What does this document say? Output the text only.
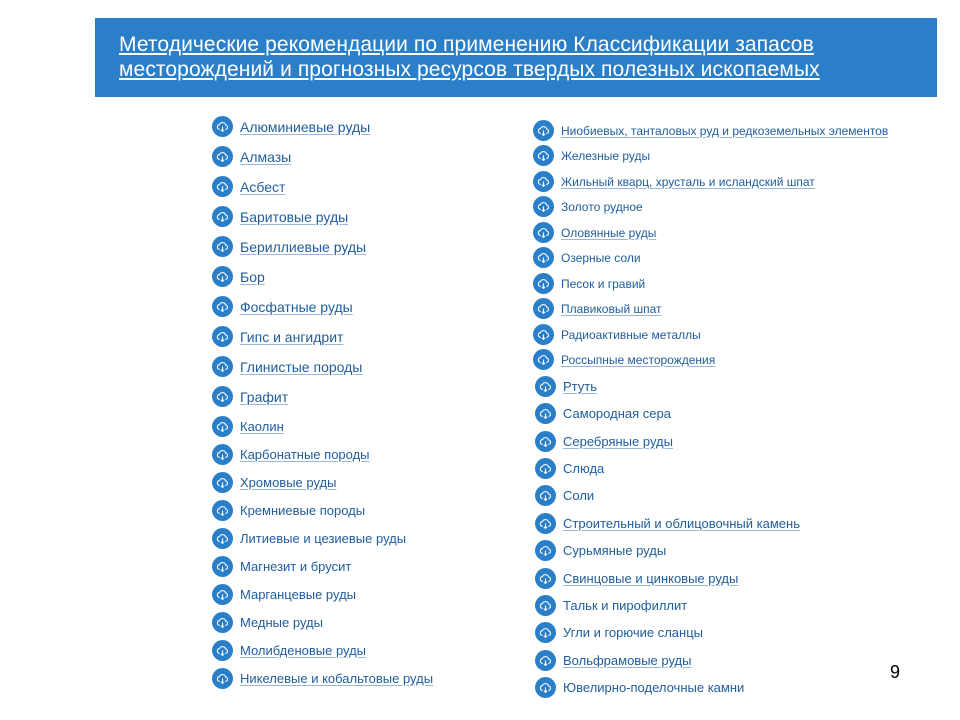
Методические рекомендации по применению Классификации запасов
месторождений и прогнозных ресурсов твердых полезных ископаемых
Алюминиевые руды
Алмазы
Асбест
Баритовые руды
Бериллиевые руды
Бор
Фосфатные руды
Гипс и ангидрит
Глинистые породы
Графит
Каолин
Карбонатные породы
Хромовые руды
Кремниевые породы
Литиевые и цезиевые руды
Магнезит и брусит
Марганцевые руды
Медные руды
Молибденовые руды
Никелевые и кобальтовые руды
Ниобиевых, танталовых руд и редкоземельных элементов
Железные руды
Жильный кварц, хрусталь и исландский шпат
Золото рудное
Оловянные руды
Озерные соли
Песок и гравий
Плавиковый шпат
Радиоактивные металлы
Россыпные месторождения
Ртуть
Самородная сера
Серебряные руды
Слюда
Соли
Строительный и облицовочный камень
Сурьмяные руды
Свинцовые и цинковые руды
Тальк и пирофиллит
Угли и горючие сланцы
Вольфрамовые руды
Ювелирно-поделочные камни
9
